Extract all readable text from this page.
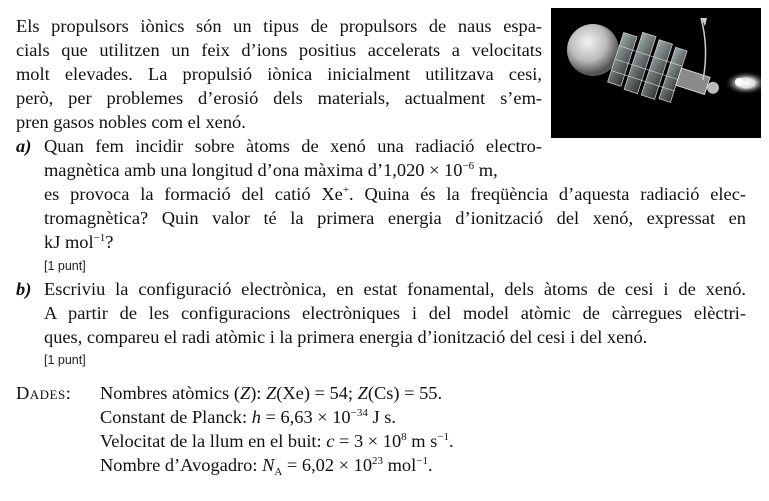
Els propulsors iònics són un tipus de propulsors de naus espa-
cials que utilitzen un feix d’ions positius accelerats a velocitats
molt elevades. La propulsió iònica inicialment utilitzava cesi,
però, per problemes d’erosió dels materials, actualment s’em-
pren gasos nobles com el xenó.
a) Quan fem incidir sobre àtoms de xenó una radiació electro-
magnètica amb una longitud d’ona màxima d’1,020 × $10^{-6}$ m,
es provoca la formació del catió Xe+. Quina és la freqüència d’aquesta radiació elec-
tromagnètica? Quin valor té la primera energia d’ionització del xenó, expressat en
kJ mol$^{-1}$?
[1 punt]
b) Escriviu la configuració electrònica, en estat fonamental, dels àtoms de cesi i de xenó.
A partir de les configuracions electròniques i del model atòmic de càrregues elèctri-
ques, compareu el radi atòmic i la primera energia d’ionització del cesi i del xenó.
[1 punt]
Dades: Nombres atòmics (Z): Z(Xe) = 54; Z(Cs) = 55.
Constant de Planck: $h = 6,63 \times 10^{-34}$ J s.
Velocitat de la llum en el buit: $c = 3 \times 10^8$ m $s^{-1}$.
Nombre d’Avogadro: $N_A = 6,02 \times 10^{23}$ mol$^{-1}$.
